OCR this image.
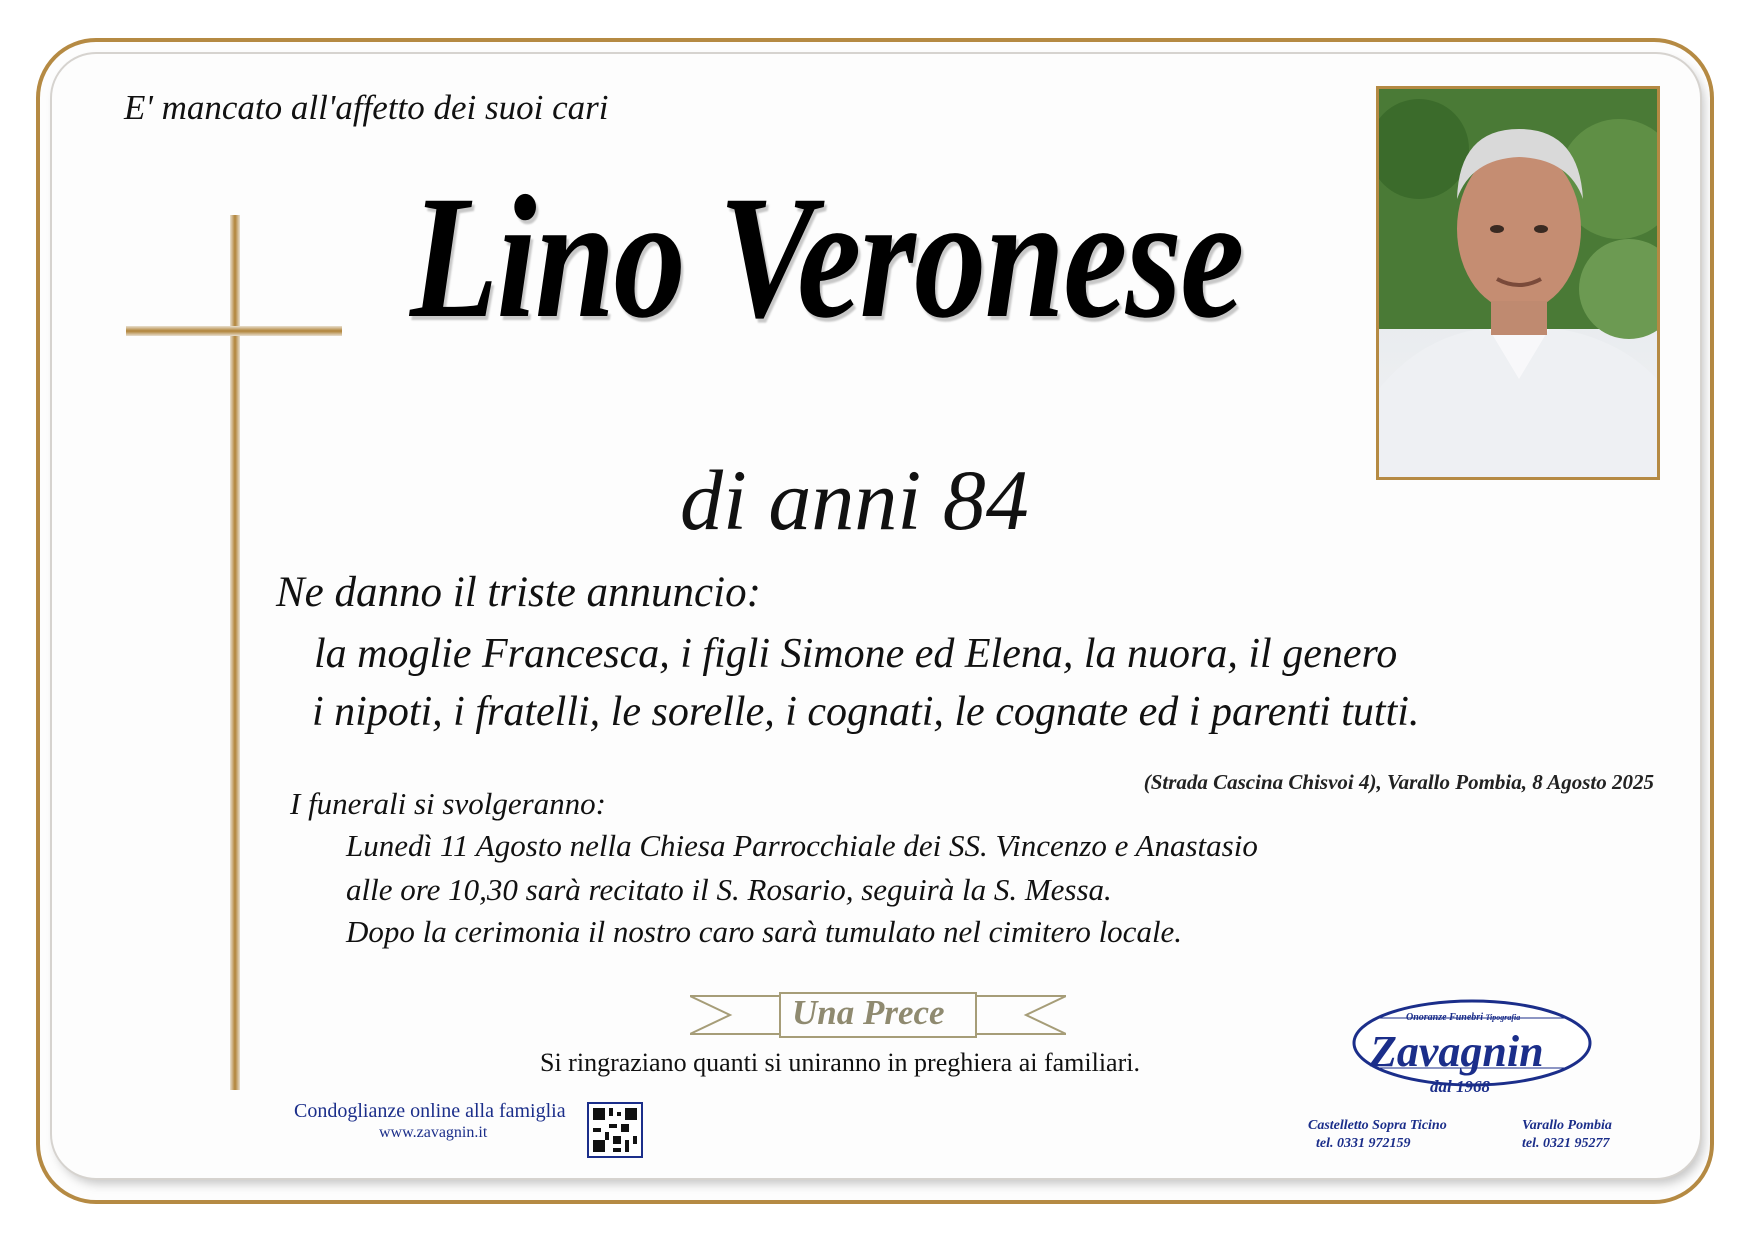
E' mancato all'affetto dei suoi cari
Lino Veronese
di anni 84
Ne danno il triste annuncio:
la moglie Francesca, i figli Simone ed Elena, la nuora, il genero
i nipoti, i fratelli, le sorelle, i cognati, le cognate ed i parenti tutti.
(Strada Cascina Chisvoi 4), Varallo Pombia, 8 Agosto 2025
I funerali si svolgeranno:
Lunedì 11 Agosto nella Chiesa Parrocchiale dei SS. Vincenzo e Anastasio
alle ore 10,30 sarà recitato il S. Rosario, seguirà la S. Messa.
Dopo la cerimonia il nostro caro sarà tumulato nel cimitero locale.
Una Prece
Si ringraziano quanti si uniranno in preghiera ai familiari.
Condoglianze online alla famiglia
www.zavagnin.it
Onoranze Funebri Tipografia
Zavagnin
dal 1968
Castelletto Sopra Ticino
tel. 0331 972159
Varallo Pombia
tel. 0321 95277
